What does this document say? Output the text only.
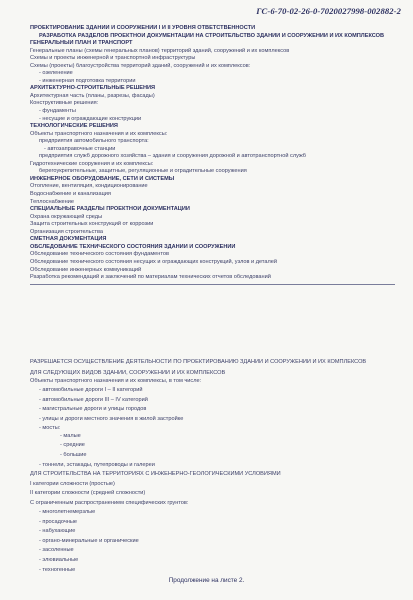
ГС-6-70-02-26-0-7020027998-002882-2
ПРОЕКТИРОВАНИЕ ЗДАНИЙ И СООРУЖЕНИЙ I И II УРОВНЯ ОТВЕТСТВЕННОСТИ
РАЗРАБОТКА РАЗДЕЛОВ ПРОЕКТНОЙ ДОКУМЕНТАЦИИ НА СТРОИТЕЛЬСТВО ЗДАНИЙ И СООРУЖЕНИЙ И ИХ КОМПЛЕКСОВ
ГЕНЕРАЛЬНЫЙ ПЛАН И ТРАНСПОРТ
Генеральные планы (схемы генеральных планов) территорий зданий, сооружений и их комплексов
Схемы и проекты инженерной и транспортной инфраструктуры
Схемы (проекты) благоустройства территорий зданий, сооружений и их комплексов:
- озеленение
- инженерная подготовка территории
АРХИТЕКТУРНО-СТРОИТЕЛЬНЫЕ РЕШЕНИЯ
Архитектурная часть (планы, разрезы, фасады)
Конструктивные решения:
- фундаменты
- несущие и ограждающие конструкции
ТЕХНОЛОГИЧЕСКИЕ РЕШЕНИЯ
Объекты транспортного назначения и их комплексы:
предприятия автомобильного транспорта:
- автозаправочные станции
предприятия служб дорожного хозяйства – здания и сооружения дорожной и автотранспортной служб
Гидротехнические сооружения и их комплексы:
берегоукрепительные, защитные, регуляционные и оградительные сооружения
ИНЖЕНЕРНОЕ ОБОРУДОВАНИЕ, СЕТИ И СИСТЕМЫ
Отопление, вентиляция, кондиционирование
Водоснабжение и канализация
Теплоснабжение
СПЕЦИАЛЬНЫЕ РАЗДЕЛЫ ПРОЕКТНОЙ ДОКУМЕНТАЦИИ
Охрана окружающей среды
Защита строительных конструкций от коррозии
Организация строительства
СМЕТНАЯ ДОКУМЕНТАЦИЯ
ОБСЛЕДОВАНИЕ ТЕХНИЧЕСКОГО СОСТОЯНИЯ ЗДАНИЙ И СООРУЖЕНИЙ
Обследование технического состояния фундаментов
Обследование технического состояния несущих и ограждающих конструкций, узлов и деталей
Обследование инженерных коммуникаций
Разработка рекомендаций и заключений по материалам технических отчетов обследований
РАЗРЕШАЕТСЯ ОСУЩЕСТВЛЕНИЕ ДЕЯТЕЛЬНОСТИ ПО ПРОЕКТИРОВАНИЮ ЗДАНИЙ И СООРУЖЕНИЙ И ИХ КОМПЛЕКСОВ
ДЛЯ СЛЕДУЮЩИХ ВИДОВ ЗДАНИЙ, СООРУЖЕНИЙ И ИХ КОМПЛЕКСОВ
Объекты транспортного назначения и их комплексы, в том числе:
- автомобильные дороги I – II категорий
- автомобильные дороги III – IV категорий
- магистральные дороги и улицы городов
- улицы и дороги местного значения в жилой застройке
- мосты:
- малые
- средние
- большие
- тоннели, эстакады, путепроводы и галереи
ДЛЯ СТРОИТЕЛЬСТВА НА ТЕРРИТОРИЯХ С ИНЖЕНЕРНО-ГЕОЛОГИЧЕСКИМИ УСЛОВИЯМИ
I категории сложности (простые)
II категории сложности (средней сложности)
С ограниченным распространением специфических грунтов:
- многолетнемерзлые
- просадочные
- набухающие
- органо-минеральные и органические
- засоленные
- элювиальные
- техногенные
Продолжение на листе 2.
